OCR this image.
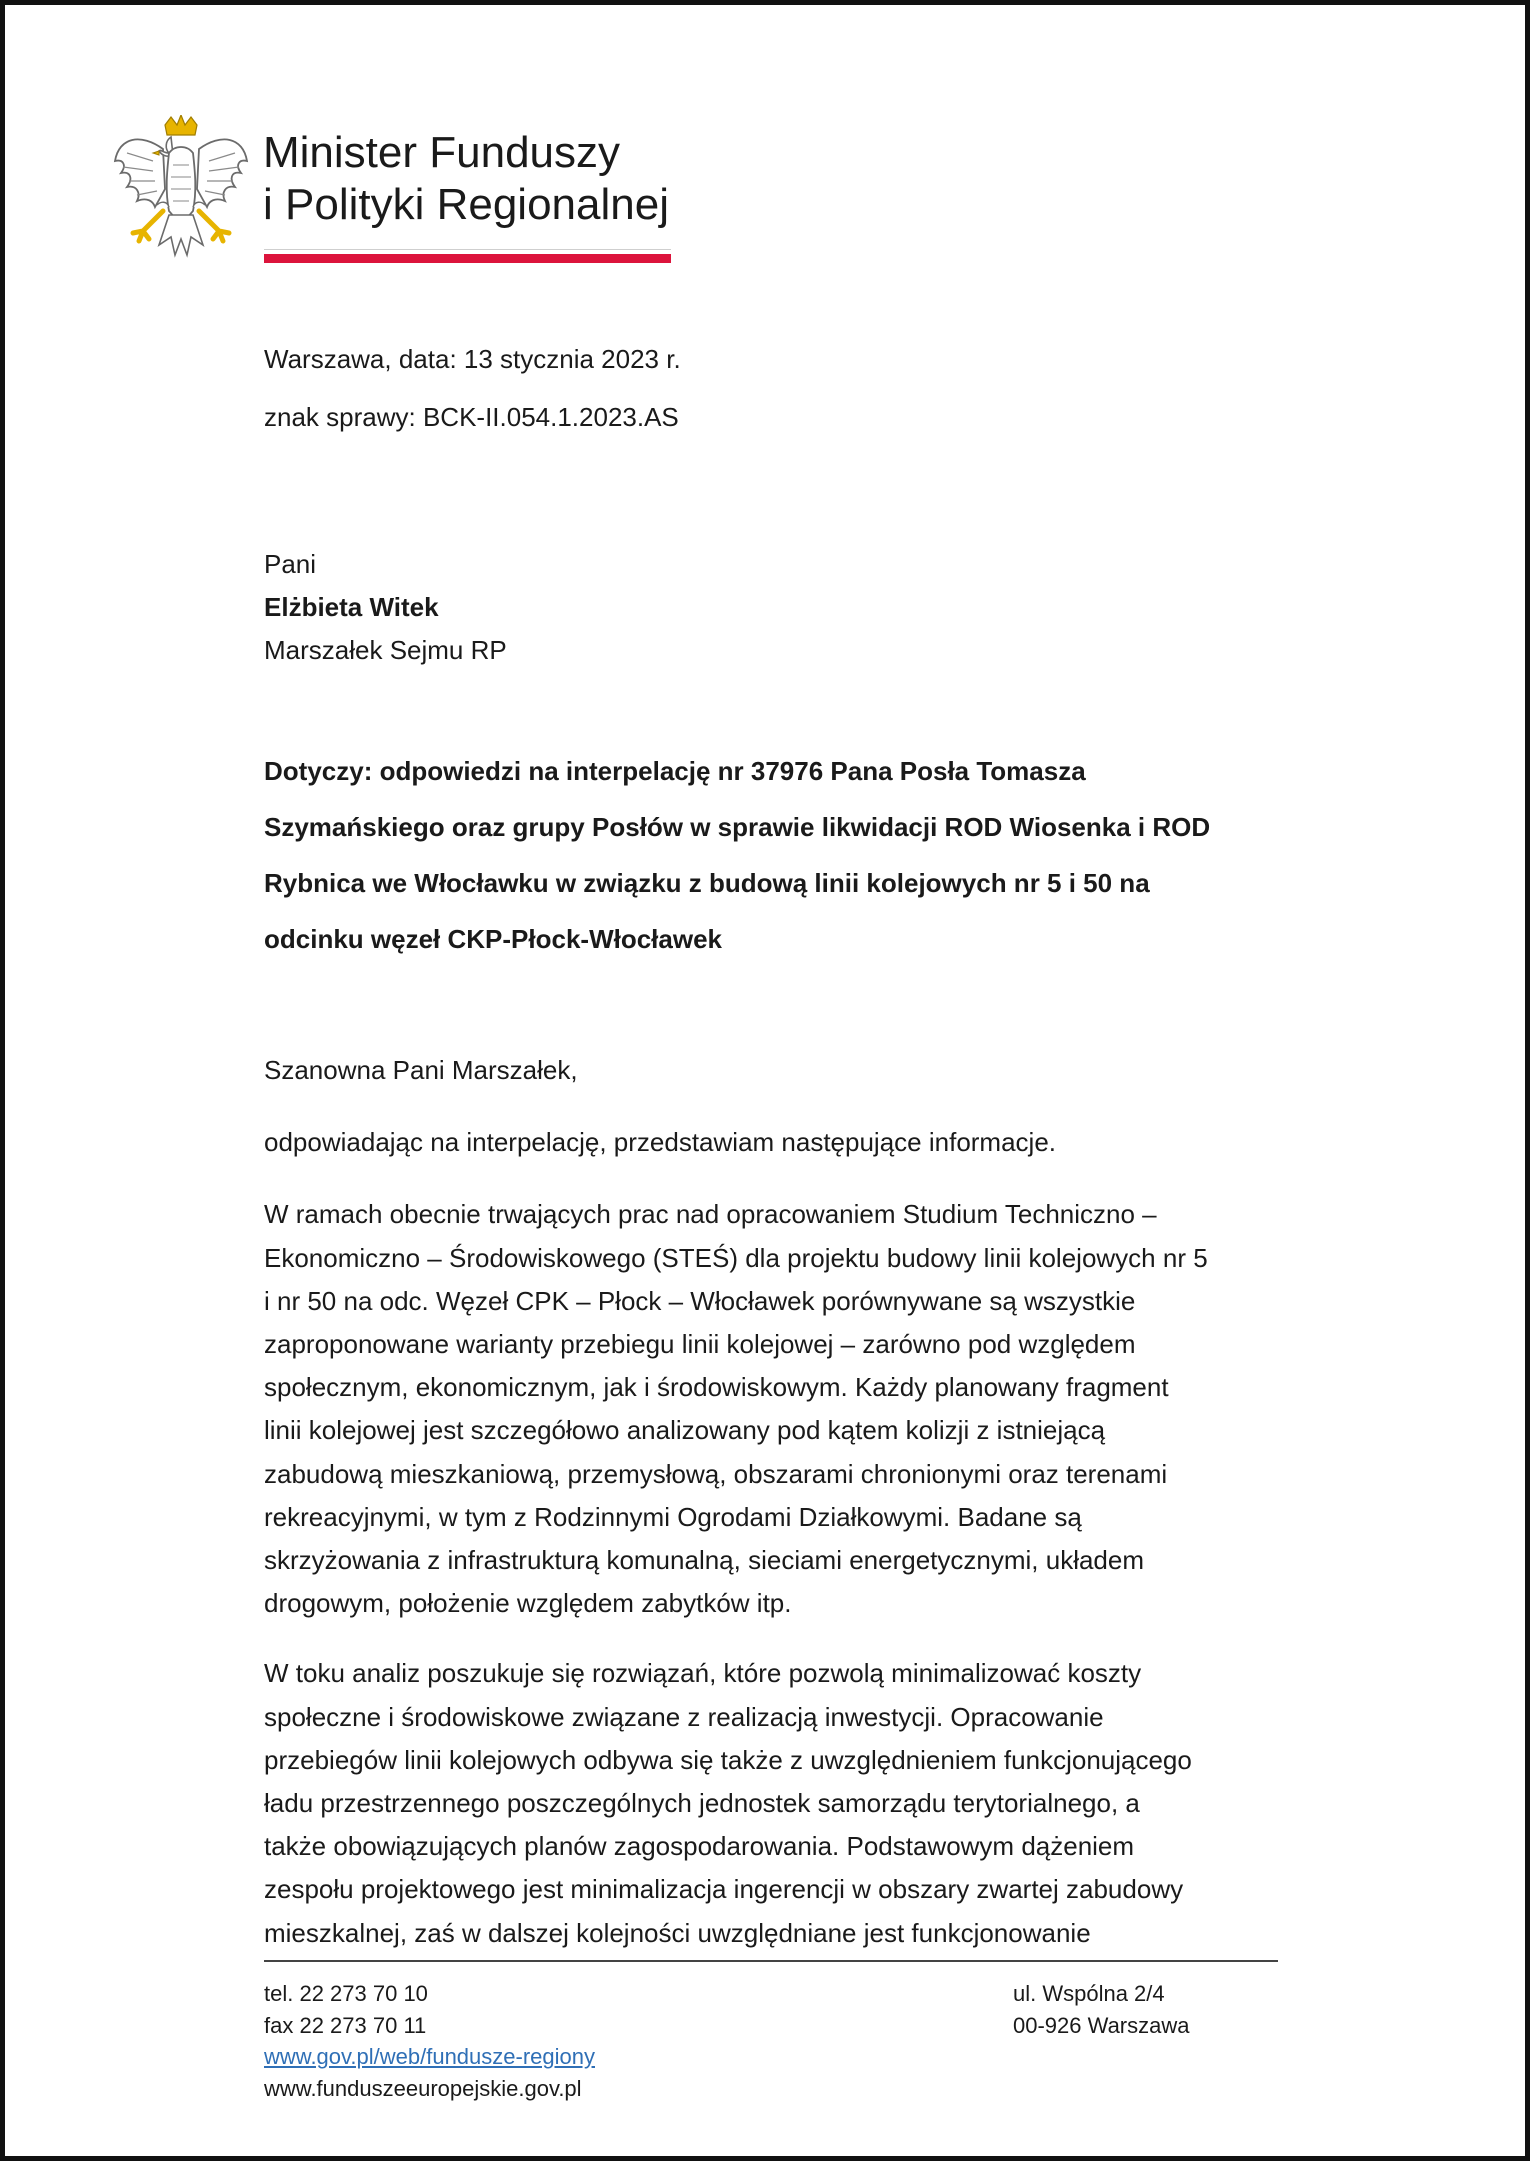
Minister Funduszy
i Polityki Regionalnej
Warszawa, data: 13 stycznia 2023 r.
znak sprawy: BCK-II.054.1.2023.AS
Pani
Elżbieta Witek
Marszałek Sejmu RP
Dotyczy: odpowiedzi na interpelację nr 37976 Pana Posła Tomasza
Szymańskiego oraz grupy Posłów w sprawie likwidacji ROD Wiosenka i ROD
Rybnica we Włocławku w związku z budową linii kolejowych nr 5 i 50 na
odcinku węzeł CKP-Płock-Włocławek

Szanowna Pani Marszałek,

odpowiadając na interpelację, przedstawiam następujące informacje.

W ramach obecnie trwających prac nad opracowaniem Studium Techniczno –
Ekonomiczno – Środowiskowego (STEŚ) dla projektu budowy linii kolejowych nr 5
i nr 50 na odc. Węzeł CPK – Płock – Włocławek porównywane są wszystkie
zaproponowane warianty przebiegu linii kolejowej – zarówno pod względem
społecznym, ekonomicznym, jak i środowiskowym. Każdy planowany fragment
linii kolejowej jest szczegółowo analizowany pod kątem kolizji z istniejącą
zabudową mieszkaniową, przemysłową, obszarami chronionymi oraz terenami
rekreacyjnymi, w tym z Rodzinnymi Ogrodami Działkowymi. Badane są
skrzyżowania z infrastrukturą komunalną, sieciami energetycznymi, układem
drogowym, położenie względem zabytków itp.
W toku analiz poszukuje się rozwiązań, które pozwolą minimalizować koszty
społeczne i środowiskowe związane z realizacją inwestycji. Opracowanie
przebiegów linii kolejowych odbywa się także z uwzględnieniem funkcjonującego
ładu przestrzennego poszczególnych jednostek samorządu terytorialnego, a
także obowiązujących planów zagospodarowania. Podstawowym dążeniem
zespołu projektowego jest minimalizacja ingerencji w obszary zwartej zabudowy
mieszkalnej, zaś w dalszej kolejności uwzględniane jest funkcjonowanie
tel. 22 273 70 10
fax 22 273 70 11
www.gov.pl/web/fundusze-regiony
www.funduszeeuropejskie.gov.pl
ul. Wspólna 2/4
00-926 Warszawa
